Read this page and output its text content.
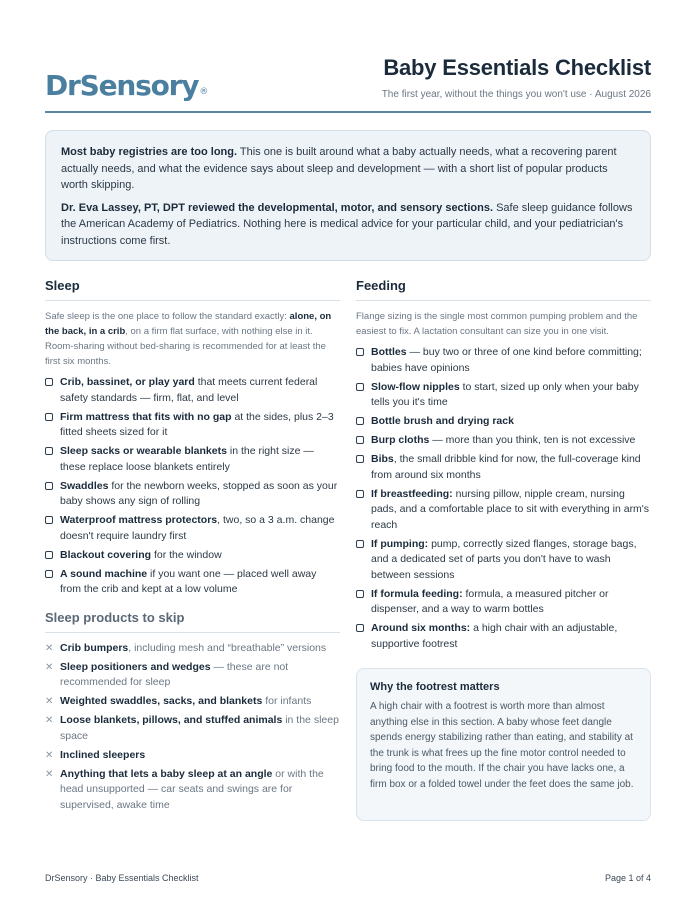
DrSensory®
Baby Essentials Checklist
The first year, without the things you won't use · August 2026

Most baby registries are too long. This one is built around what a baby actually needs, what a recovering parent actually needs, and what the evidence says about sleep and development — with a short list of popular products worth skipping.

Dr. Eva Lassey, PT, DPT reviewed the developmental, motor, and sensory sections. Safe sleep guidance follows the American Academy of Pediatrics. Nothing here is medical advice for your particular child, and your pediatrician's instructions come first.

Sleep
Safe sleep is the one place to follow the standard exactly: alone, on the back, in a crib, on a firm flat surface, with nothing else in it. Room-sharing without bed-sharing is recommended for at least the first six months.
Crib, bassinet, or play yard that meets current federal safety standards — firm, flat, and level
Firm mattress that fits with no gap at the sides, plus 2–3 fitted sheets sized for it
Sleep sacks or wearable blankets in the right size — these replace loose blankets entirely
Swaddles for the newborn weeks, stopped as soon as your baby shows any sign of rolling
Waterproof mattress protectors, two, so a 3 a.m. change doesn't require laundry first
Blackout covering for the window
A sound machine if you want one — placed well away from the crib and kept at a low volume
Sleep products to skip
✕ Crib bumpers, including mesh and “breathable” versions
✕ Sleep positioners and wedges — these are not recommended for sleep
✕ Weighted swaddles, sacks, and blankets for infants
✕ Loose blankets, pillows, and stuffed animals in the sleep space
✕ Inclined sleepers
✕ Anything that lets a baby sleep at an angle or with the head unsupported — car seats and swings are for supervised, awake time
Feeding
Flange sizing is the single most common pumping problem and the easiest to fix. A lactation consultant can size you in one visit.
Bottles — buy two or three of one kind before committing; babies have opinions
Slow-flow nipples to start, sized up only when your baby tells you it's time
Bottle brush and drying rack
Burp cloths — more than you think, ten is not excessive
Bibs, the small dribble kind for now, the full-coverage kind from around six months
If breastfeeding: nursing pillow, nipple cream, nursing pads, and a comfortable place to sit with everything in arm's reach
If pumping: pump, correctly sized flanges, storage bags, and a dedicated set of parts you don't have to wash between sessions
If formula feeding: formula, a measured pitcher or dispenser, and a way to warm bottles
Around six months: a high chair with an adjustable, supportive footrest
Why the footrest matters
A high chair with a footrest is worth more than almost anything else in this section. A baby whose feet dangle spends energy stabilizing rather than eating, and stability at the trunk is what frees up the fine motor control needed to bring food to the mouth. If the chair you have lacks one, a firm box or a folded towel under the feet does the same job.
DrSensory · Baby Essentials Checklist	Page 1 of 4
